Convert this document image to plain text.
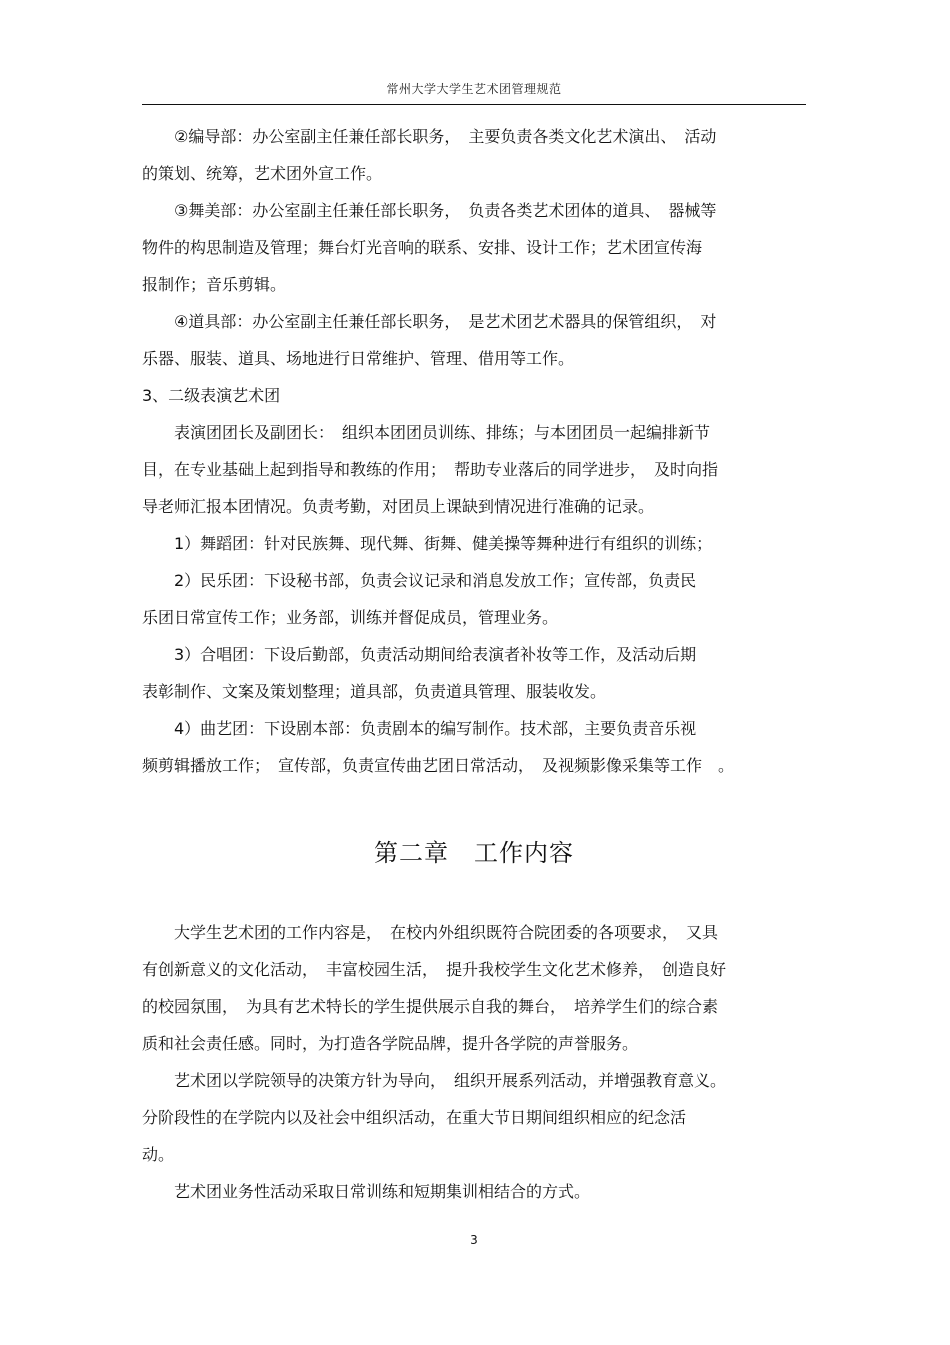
常州大学大学生艺术团管理规范

　　②编导部：办公室副主任兼任部长职务，　主要负责各类文化艺术演出、　活动
的策划、统筹，艺术团外宣工作。

　　③舞美部：办公室副主任兼任部长职务，　负责各类艺术团体的道具、　器械等
物件的构思制造及管理；舞台灯光音响的联系、安排、设计工作；艺术团宣传海
报制作；音乐剪辑。

　　④道具部：办公室副主任兼任部长职务，　是艺术团艺术器具的保管组织，　对
乐器、服装、道具、场地进行日常维护、管理、借用等工作。

3、二级表演艺术团

　　表演团团长及副团长：　组织本团团员训练、排练；与本团团员一起编排新节
目，在专业基础上起到指导和教练的作用；　帮助专业落后的同学进步，　及时向指
导老师汇报本团情况。负责考勤，对团员上课缺到情况进行准确的记录。

　　1）舞蹈团：针对民族舞、现代舞、街舞、健美操等舞种进行有组织的训练；

　　2）民乐团：下设秘书部，负责会议记录和消息发放工作；宣传部，负责民
乐团日常宣传工作；业务部，训练并督促成员，管理业务。

　　3）合唱团：下设后勤部，负责活动期间给表演者补妆等工作，及活动后期
表彰制作、文案及策划整理；道具部，负责道具管理、服装收发。

　　4）曲艺团：下设剧本部：负责剧本的编写制作。技术部，主要负责音乐视
频剪辑播放工作；　宣传部，负责宣传曲艺团日常活动，　及视频影像采集等工作　。

第二章　工作内容

　　大学生艺术团的工作内容是，　在校内外组织既符合院团委的各项要求，　又具
有创新意义的文化活动，　丰富校园生活，　提升我校学生文化艺术修养，　创造良好
的校园氛围，　为具有艺术特长的学生提供展示自我的舞台，　培养学生们的综合素
质和社会责任感。同时，为打造各学院品牌，提升各学院的声誉服务。

　　艺术团以学院领导的决策方针为导向，　组织开展系列活动，并增强教育意义。
分阶段性的在学院内以及社会中组织活动，在重大节日期间组织相应的纪念活
动。

　　艺术团业务性活动采取日常训练和短期集训相结合的方式。

3
